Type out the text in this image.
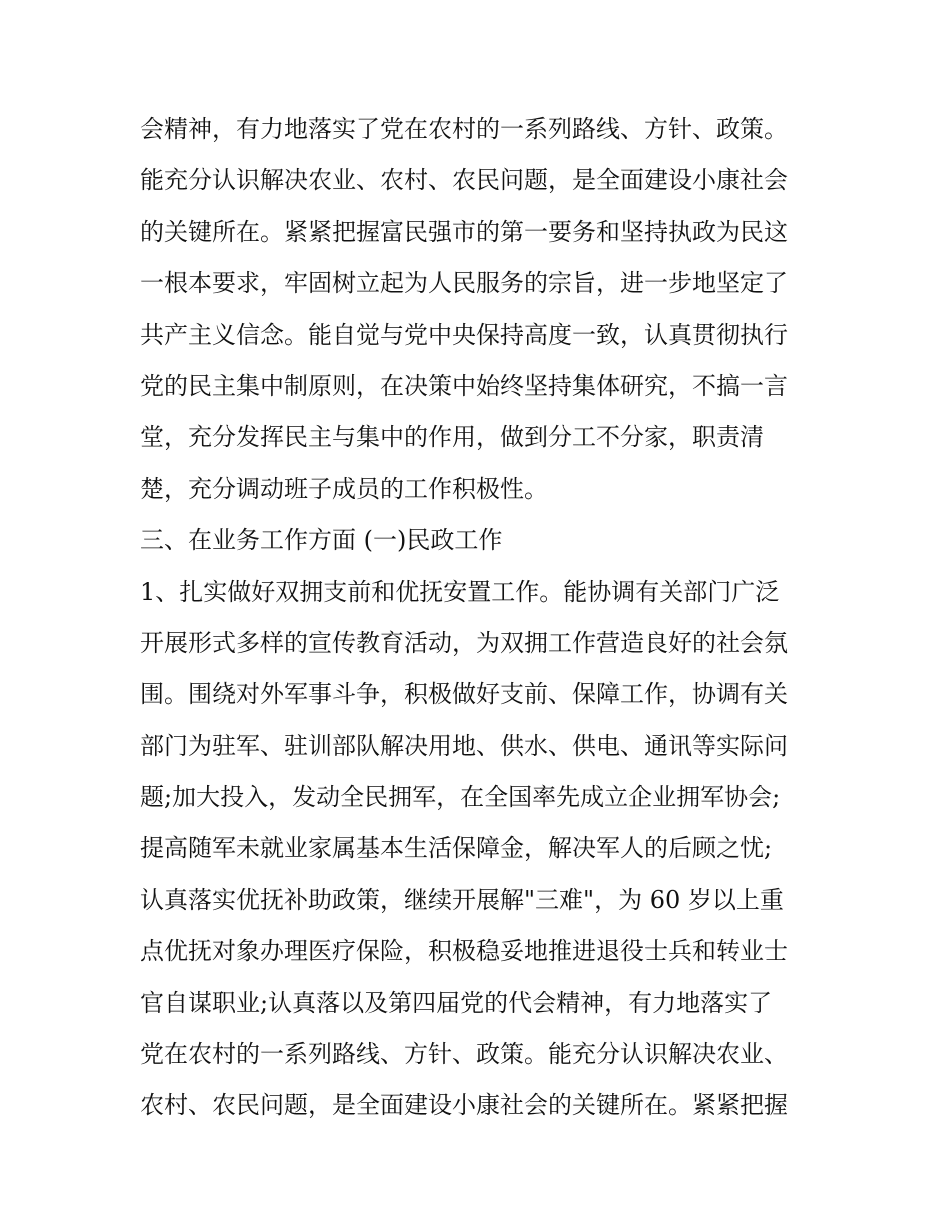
会精神，有力地落实了党在农村的一系列路线、方针、政策。
能充分认识解决农业、农村、农民问题，是全面建设小康社会
的关键所在。紧紧把握富民强市的第一要务和坚持执政为民这
一根本要求，牢固树立起为人民服务的宗旨，进一步地坚定了
共产主义信念。能自觉与党中央保持高度一致，认真贯彻执行
党的民主集中制原则，在决策中始终坚持集体研究，不搞一言
堂，充分发挥民主与集中的作用，做到分工不分家，职责清
楚，充分调动班子成员的工作积极性。
三、在业务工作方面 (一)民政工作
1、扎实做好双拥支前和优抚安置工作。能协调有关部门广泛
开展形式多样的宣传教育活动，为双拥工作营造良好的社会氛
围。围绕对外军事斗争，积极做好支前、保障工作，协调有关
部门为驻军、驻训部队解决用地、供水、供电、通讯等实际问
题;加大投入，发动全民拥军，在全国率先成立企业拥军协会;
提高随军未就业家属基本生活保障金，解决军人的后顾之忧;
认真落实优抚补助政策，继续开展解"三难"，为 60 岁以上重
点优抚对象办理医疗保险，积极稳妥地推进退役士兵和转业士
官自谋职业;认真落以及第四届党的代会精神，有力地落实了
党在农村的一系列路线、方针、政策。能充分认识解决农业、
农村、农民问题，是全面建设小康社会的关键所在。紧紧把握
